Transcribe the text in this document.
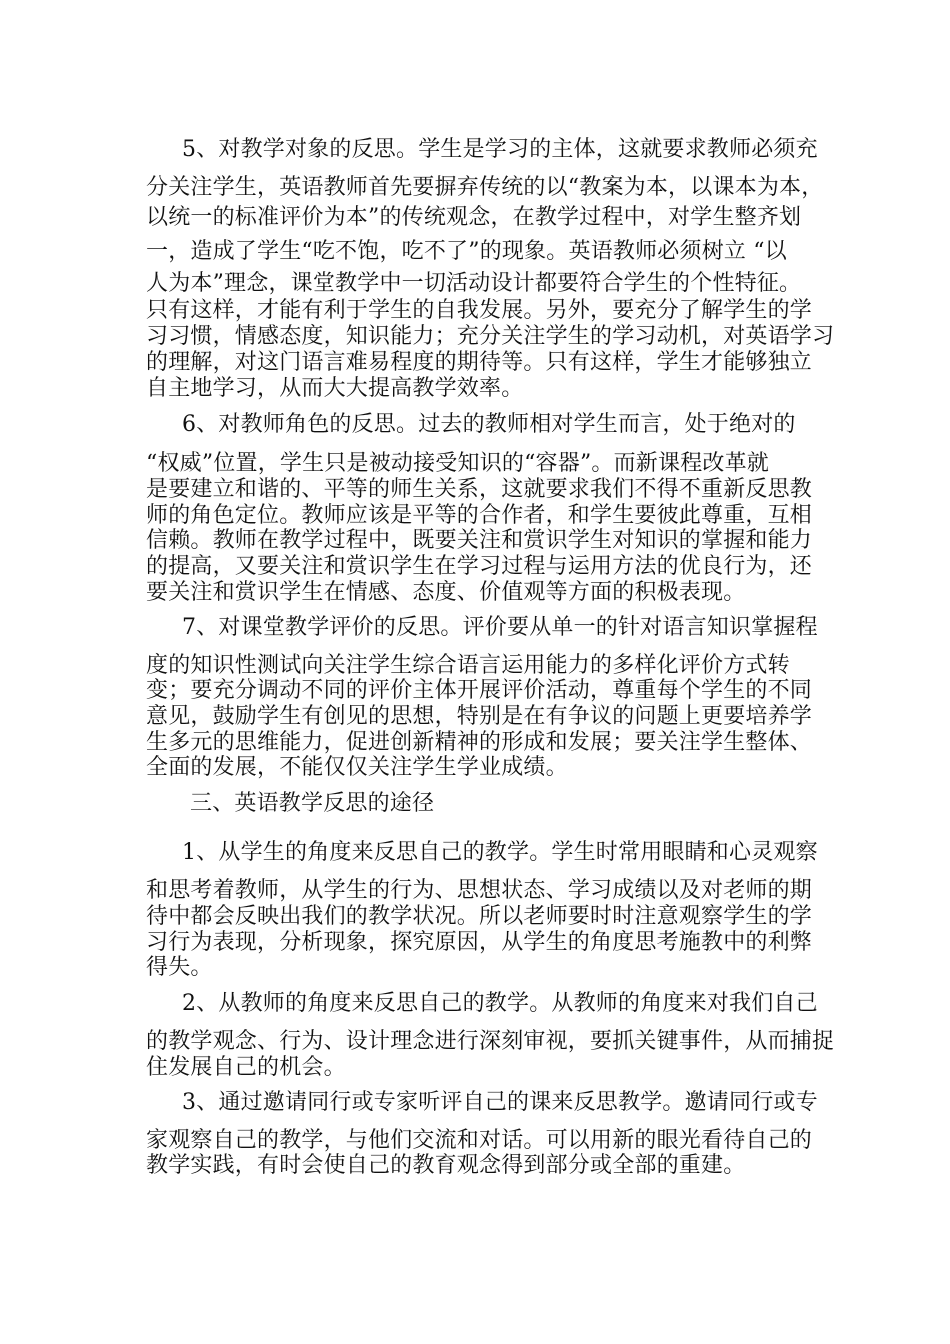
5、对教学对象的反思。学生是学习的主体，这就要求教师必须充
分关注学生，英语教师首先要摒弃传统的以“教案为本，以课本为本，
以统一的标准评价为本”的传统观念，在教学过程中，对学生整齐划
一，造成了学生“吃不饱，吃不了”的现象。英语教师必须树立 “以
人为本”理念，课堂教学中一切活动设计都要符合学生的个性特征。
只有这样，才能有利于学生的自我发展。另外，要充分了解学生的学
习习惯，情感态度，知识能力；充分关注学生的学习动机，对英语学习
的理解，对这门语言难易程度的期待等。只有这样，学生才能够独立
自主地学习，从而大大提高教学效率。
6、对教师角色的反思。过去的教师相对学生而言，处于绝对的
“权威”位置，学生只是被动接受知识的“容器”。而新课程改革就
是要建立和谐的、平等的师生关系，这就要求我们不得不重新反思教
师的角色定位。教师应该是平等的合作者，和学生要彼此尊重，互相
信赖。教师在教学过程中，既要关注和赏识学生对知识的掌握和能力
的提高，又要关注和赏识学生在学习过程与运用方法的优良行为，还
要关注和赏识学生在情感、态度、价值观等方面的积极表现。
7、对课堂教学评价的反思。评价要从单一的针对语言知识掌握程
度的知识性测试向关注学生综合语言运用能力的多样化评价方式转
变；要充分调动不同的评价主体开展评价活动，尊重每个学生的不同
意见，鼓励学生有创见的思想，特别是在有争议的问题上更要培养学
生多元的思维能力，促进创新精神的形成和发展；要关注学生整体、
全面的发展，不能仅仅关注学生学业成绩。
三、英语教学反思的途径
1、从学生的角度来反思自己的教学。学生时常用眼睛和心灵观察
和思考着教师，从学生的行为、思想状态、学习成绩以及对老师的期
待中都会反映出我们的教学状况。所以老师要时时注意观察学生的学
习行为表现，分析现象，探究原因，从学生的角度思考施教中的利弊
得失。
2、从教师的角度来反思自己的教学。从教师的角度来对我们自己
的教学观念、行为、设计理念进行深刻审视，要抓关键事件，从而捕捉
住发展自己的机会。
3、通过邀请同行或专家听评自己的课来反思教学。邀请同行或专
家观察自己的教学，与他们交流和对话。可以用新的眼光看待自己的
教学实践，有时会使自己的教育观念得到部分或全部的重建。
